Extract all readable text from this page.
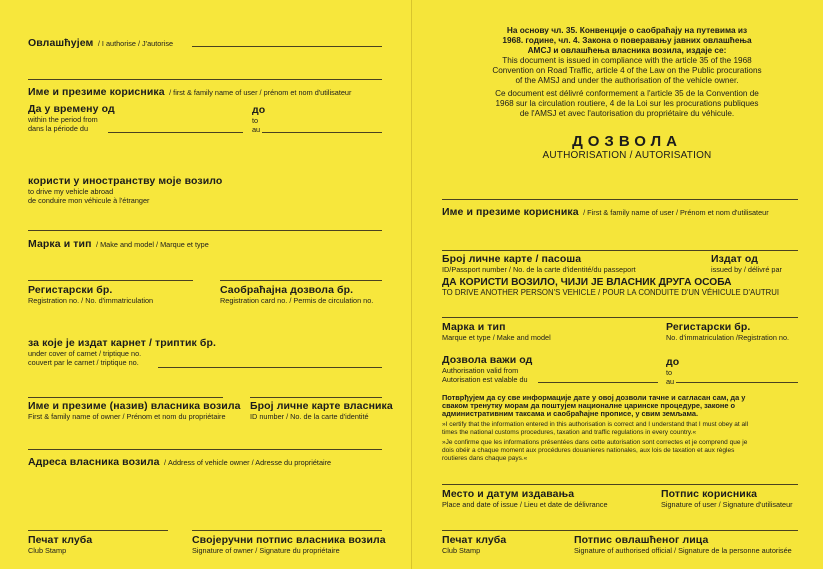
Овлашћујем / I authorise / J'autorise
Име и презиме корисника / first & family name of user / prénom et nom d'utilisateur
Да у времену од
within the period from
dans la période du
до
to
au
користи у иностранству моје возило
to drive my vehicle abroad
de conduire mon véhicule à l'étranger
Марка и тип / Make and model / Marque et type
Регистарски бр.
Registration no. / No. d'immatriculation
Саобраћајна дозвола бр.
Registration card no. / Permis de circulation no.
за које је издат карнет / триптик бр.
under cover of carnet / triptique no.
couvert par le carnet / triptique no.
Име и презиме (назив) власника возила
First & family name of owner / Prénom et nom du propriétaire
Број личне карте власника
ID number / No. de la carte d'identité
Адреса власника возила / Address of vehicle owner / Adresse du propriétaire
Печат клуба
Club Stamp
Својеручни потпис власника возила
Signature of owner / Signature du propriétaire
На основу чл. 35. Конвенције о саобраћају на путевима из
1968. године, чл. 4. Закона о поверавању јавних овлашћења
АМСЈ и овлашћења власника возила, издаје се:
This document is issued in compliance with the article 35 of the 1968
Convention on Road Traffic, article 4 of the Law on the Public procurations
of the AMSJ and under the authorisation of the vehicle owner.
Ce document est délivré conformement a l'article 35 de la Convention de
1968 sur la circulation routiere, 4 de la Loi sur les procurations publiques
de l'AMSJ et avec l'autorisation du propriétaire du véhicule.
ДОЗВОЛА
AUTHORISATION / AUTORISATION
Име и презиме корисника / First & family name of user / Prénom et nom d'utilisateur
Број личне карте / пасоша
ID/Passport number / No. de la carte d'identité/du passeport
Издат од
issued by / délivré par
ДА КОРИСТИ ВОЗИЛО, ЧИЈИ ЈЕ ВЛАСНИК ДРУГА ОСОБА
TO DRIVE ANOTHER PERSON'S VEHICLE / POUR LA CONDUITE D'UN VÉHICULE D'AUTRUI
Марка и тип
Marque et type / Make and model
Регистарски бр.
No. d'immatriculation /Registration no.
Дозвола важи од
Authorisation valid from
Autorisation est valable du
до
to
au
Потврђујем да су све информације дате у овој дозволи тачне и сагласан сам, да у
сваком тренутку морам да поштујем националне царинске процедуре, законе о
административним таксама и саобраћајне прописе, у свим земљама.
»I certify that the information entered in this authorisation is correct and I understand that I must obey at all
times the national customs procedures, taxation and traffic regulations in every country.«
»Je confirme que les informations présentées dans cette autorisation sont correctes et je comprend que je
dois obéir a chaque moment aux procédures douanieres nationales, aux lois de taxation et aux règles
routieres dans chaque pays.«
Место и датум издавања
Place and date of issue / Lieu et date de délivrance
Потпис корисника
Signature of user / Signature d'utilisateur
Печат клуба
Club Stamp
Потпис овлашћеног лица
Signature of authorised official / Signature de la personne autorisée
